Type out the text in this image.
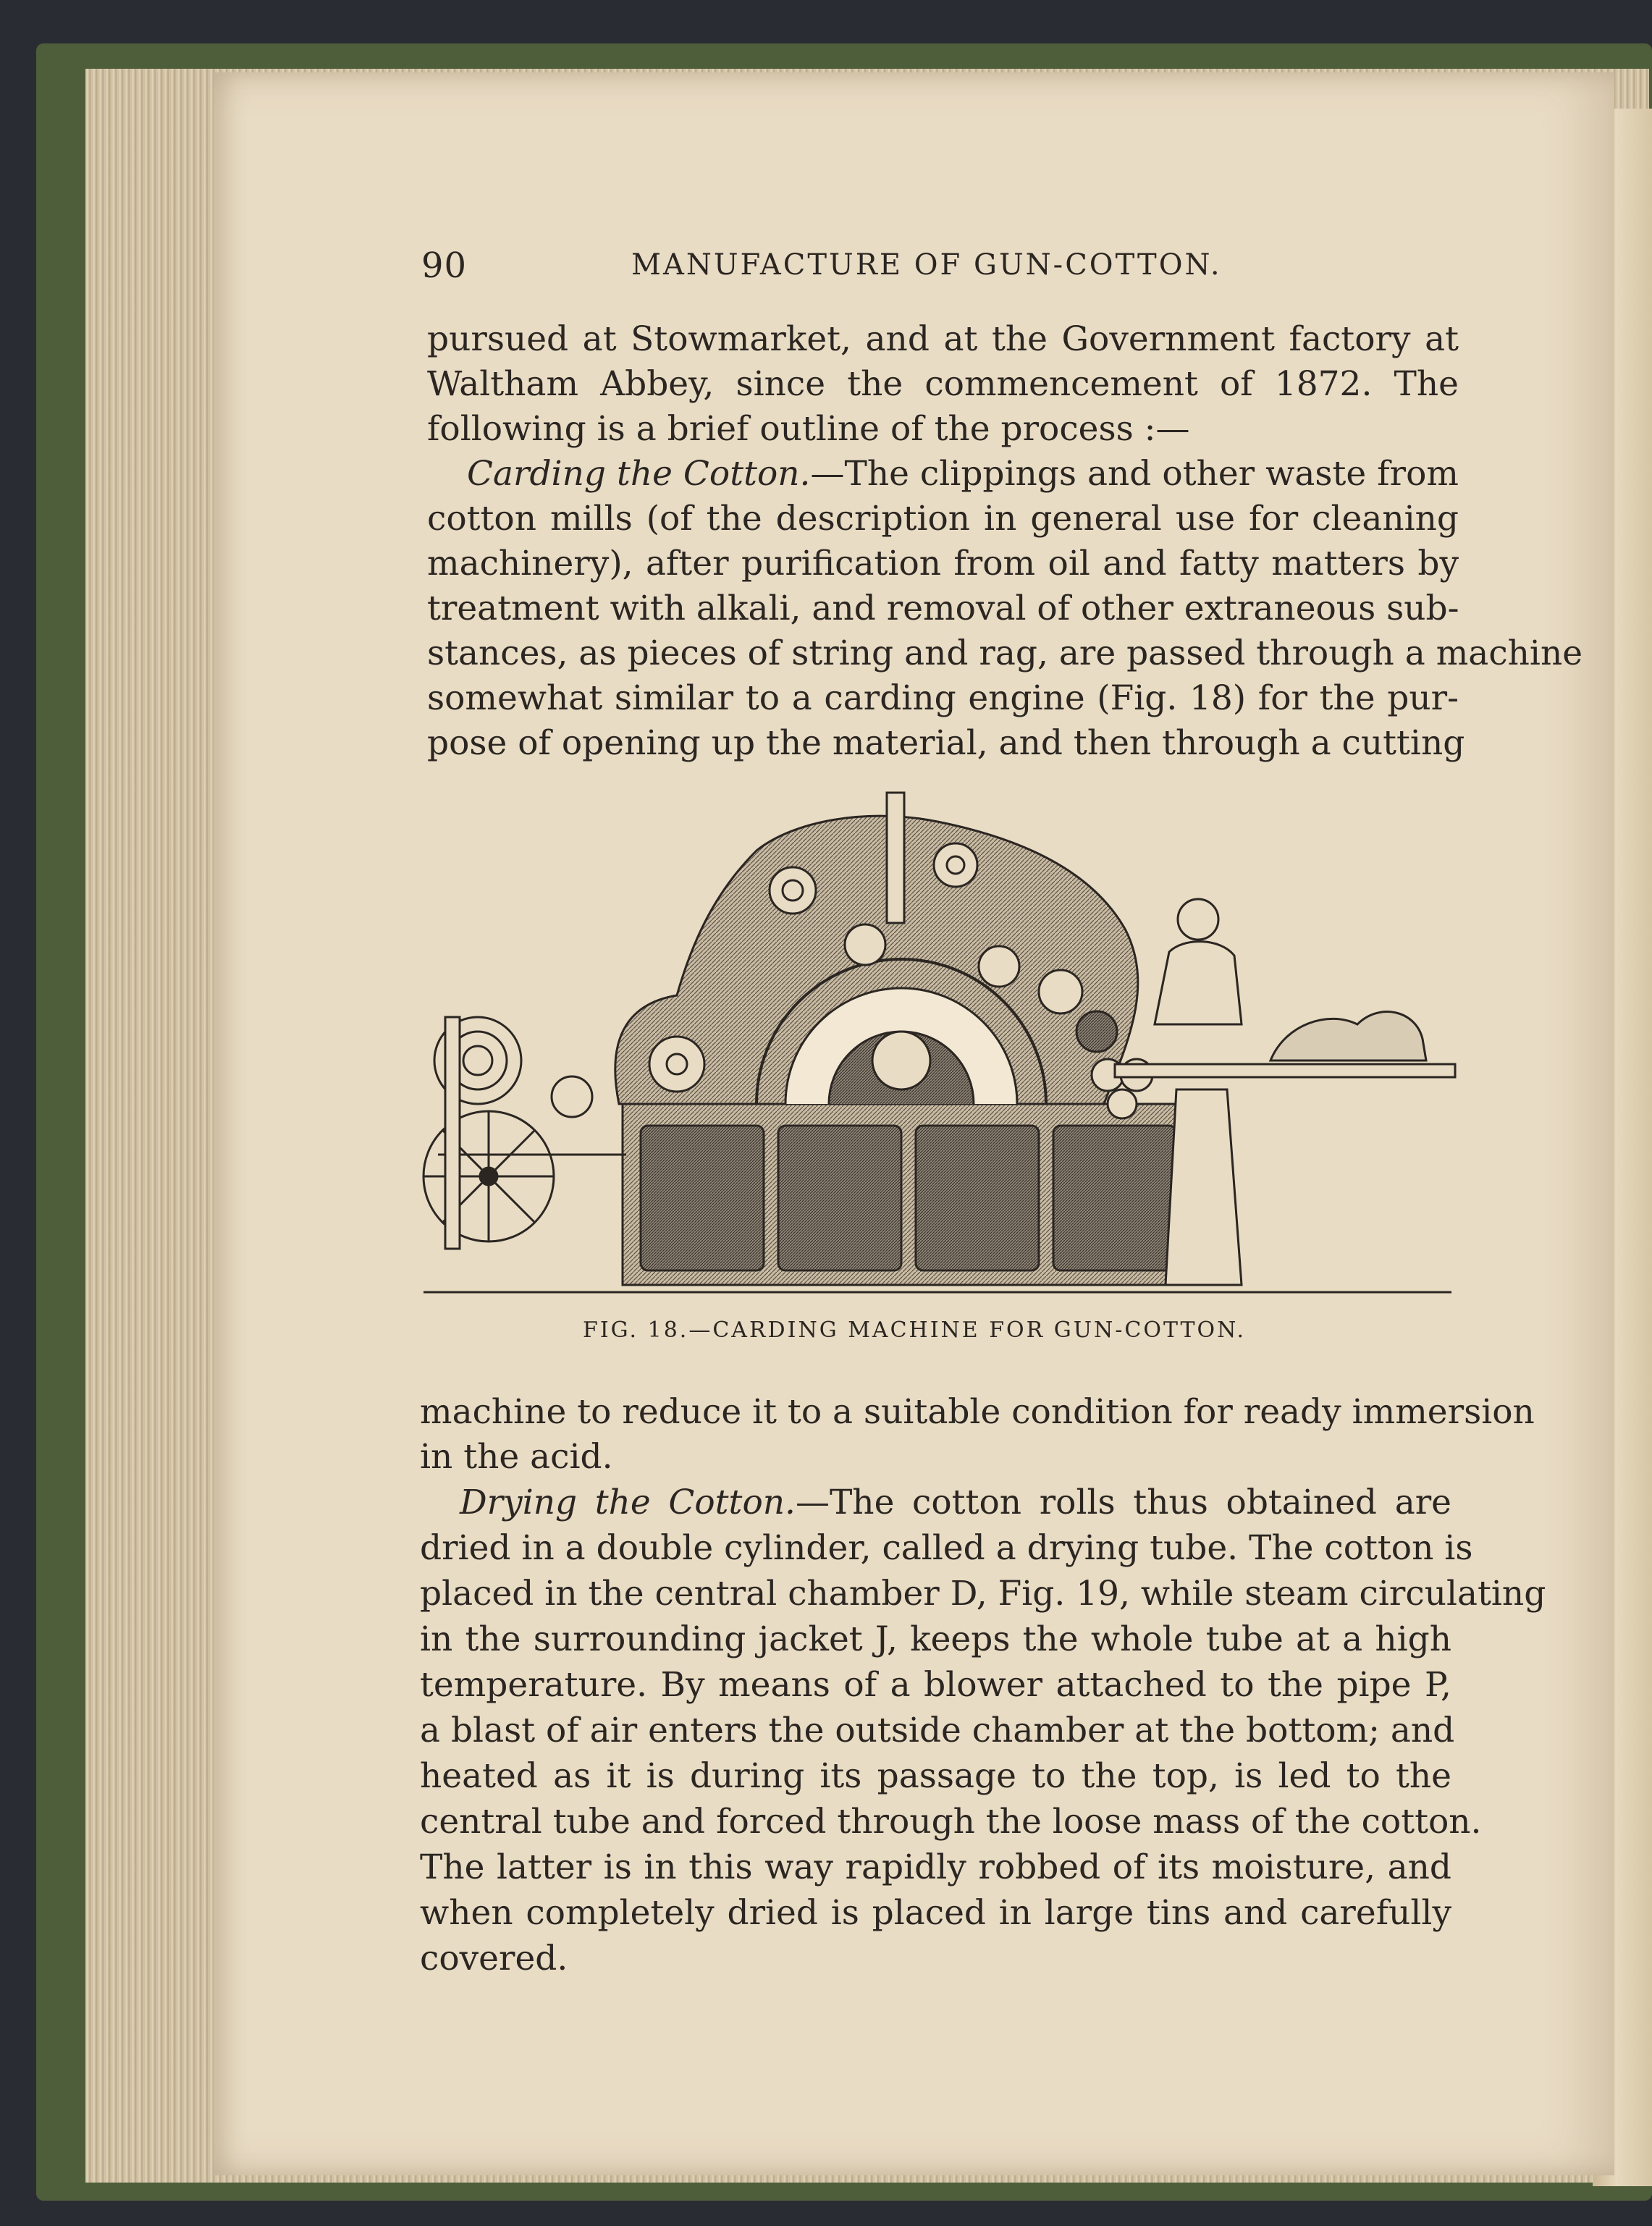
90	MANUFACTURE OF GUN-COTTON.
pursued at Stowmarket, and at the Government factory at
Waltham Abbey, since the commencement of 1872. The
following is a brief outline of the process :—
Carding the Cotton.—The clippings and other waste from
cotton mills (of the description in general use for cleaning
machinery), after purification from oil and fatty matters by
treatment with alkali, and removal of other extraneous sub-
stances, as pieces of string and rag, are passed through a machine
somewhat similar to a carding engine (Fig. 18) for the pur-
pose of opening up the material, and then through a cutting
FIG. 18.—CARDING MACHINE FOR GUN-COTTON.
machine to reduce it to a suitable condition for ready immersion
in the acid.
Drying the Cotton.—The cotton rolls thus obtained are
dried in a double cylinder, called a drying tube. The cotton is
placed in the central chamber D, Fig. 19, while steam circulating
in the surrounding jacket J, keeps the whole tube at a high
temperature. By means of a blower attached to the pipe P,
a blast of air enters the outside chamber at the bottom; and
heated as it is during its passage to the top, is led to the
central tube and forced through the loose mass of the cotton.
The latter is in this way rapidly robbed of its moisture, and
when completely dried is placed in large tins and carefully
covered.
